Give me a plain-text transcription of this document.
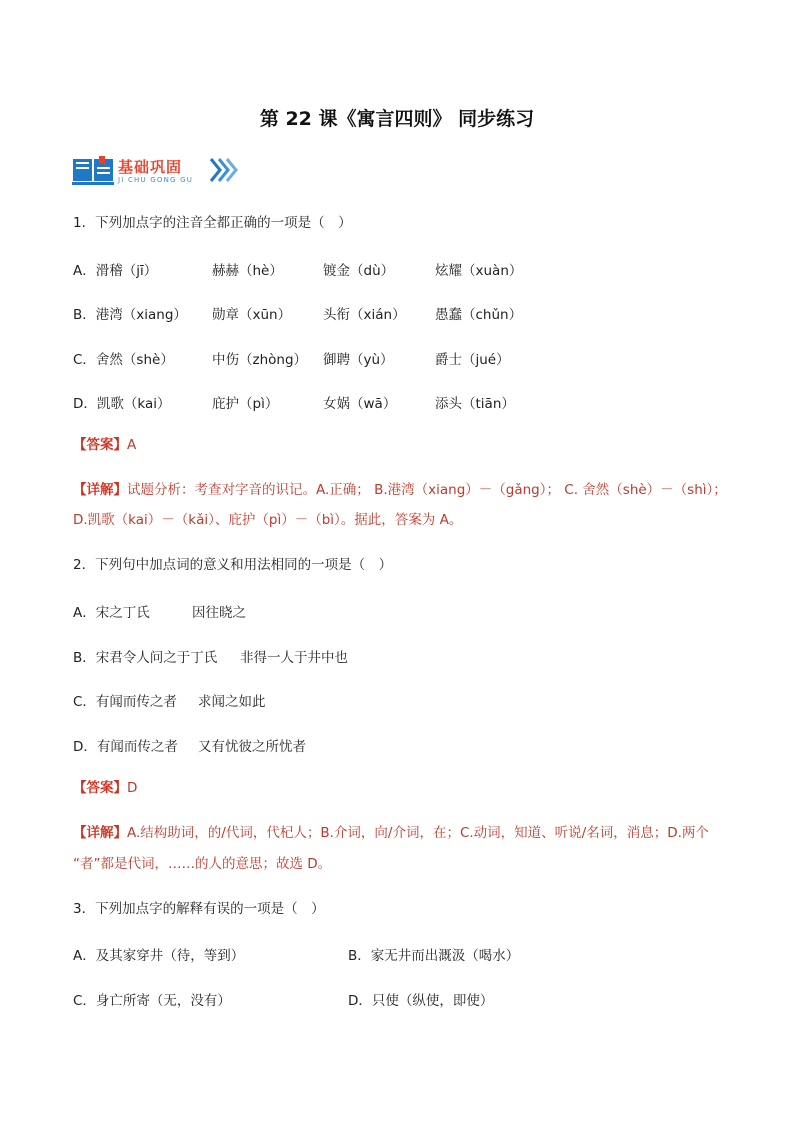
第 22 课《寓言四则》 同步练习
基础巩固
JI CHU GONG GU
1．下列加点字的注音全都正确的一项是（　）
A．滑稽（jī）	赫赫（hè）	镀金（dù）	炫耀（xuàn）
B．港湾（xiang） 勋章（xūn） 头衔（xián） 愚蠢（chǔn）
C．舍然（shè）	中伤（zhòng） 御聘（yù）	爵士（jué）
D．凯歌（kai）	庇护（pì）	女娲（wā）	添头（tiān）
【答案】A
【详解】试题分析：考查对字音的识记。A.正确； B.港湾（xiang）－（gǎng）； C. 舍然（shè）－（shì）；
D.凯歌（kai）－（kǎi）、庇护（pì）－（bì）。据此，答案为 A。
2．下列句中加点词的意义和用法相同的一项是（　）
A．宋之丁氏	因往晓之
B．宋君令人问之于丁氏 非得一人于井中也
C．有闻而传之者 求闻之如此
D．有闻而传之者 又有忧彼之所忧者
【答案】D
【详解】A.结构助词，的/代词，代杞人；B.介词，向/介词，在；C.动词，知道、听说/名词，消息；D.两个
“者”都是代词，……的人的意思；故选 D。
3．下列加点字的解释有误的一项是（　）
A．及其家穿井（待，等到）	B．家无井而出溉汲（喝水）
C．身亡所寄（无，没有）	D．只使（纵使，即使）
